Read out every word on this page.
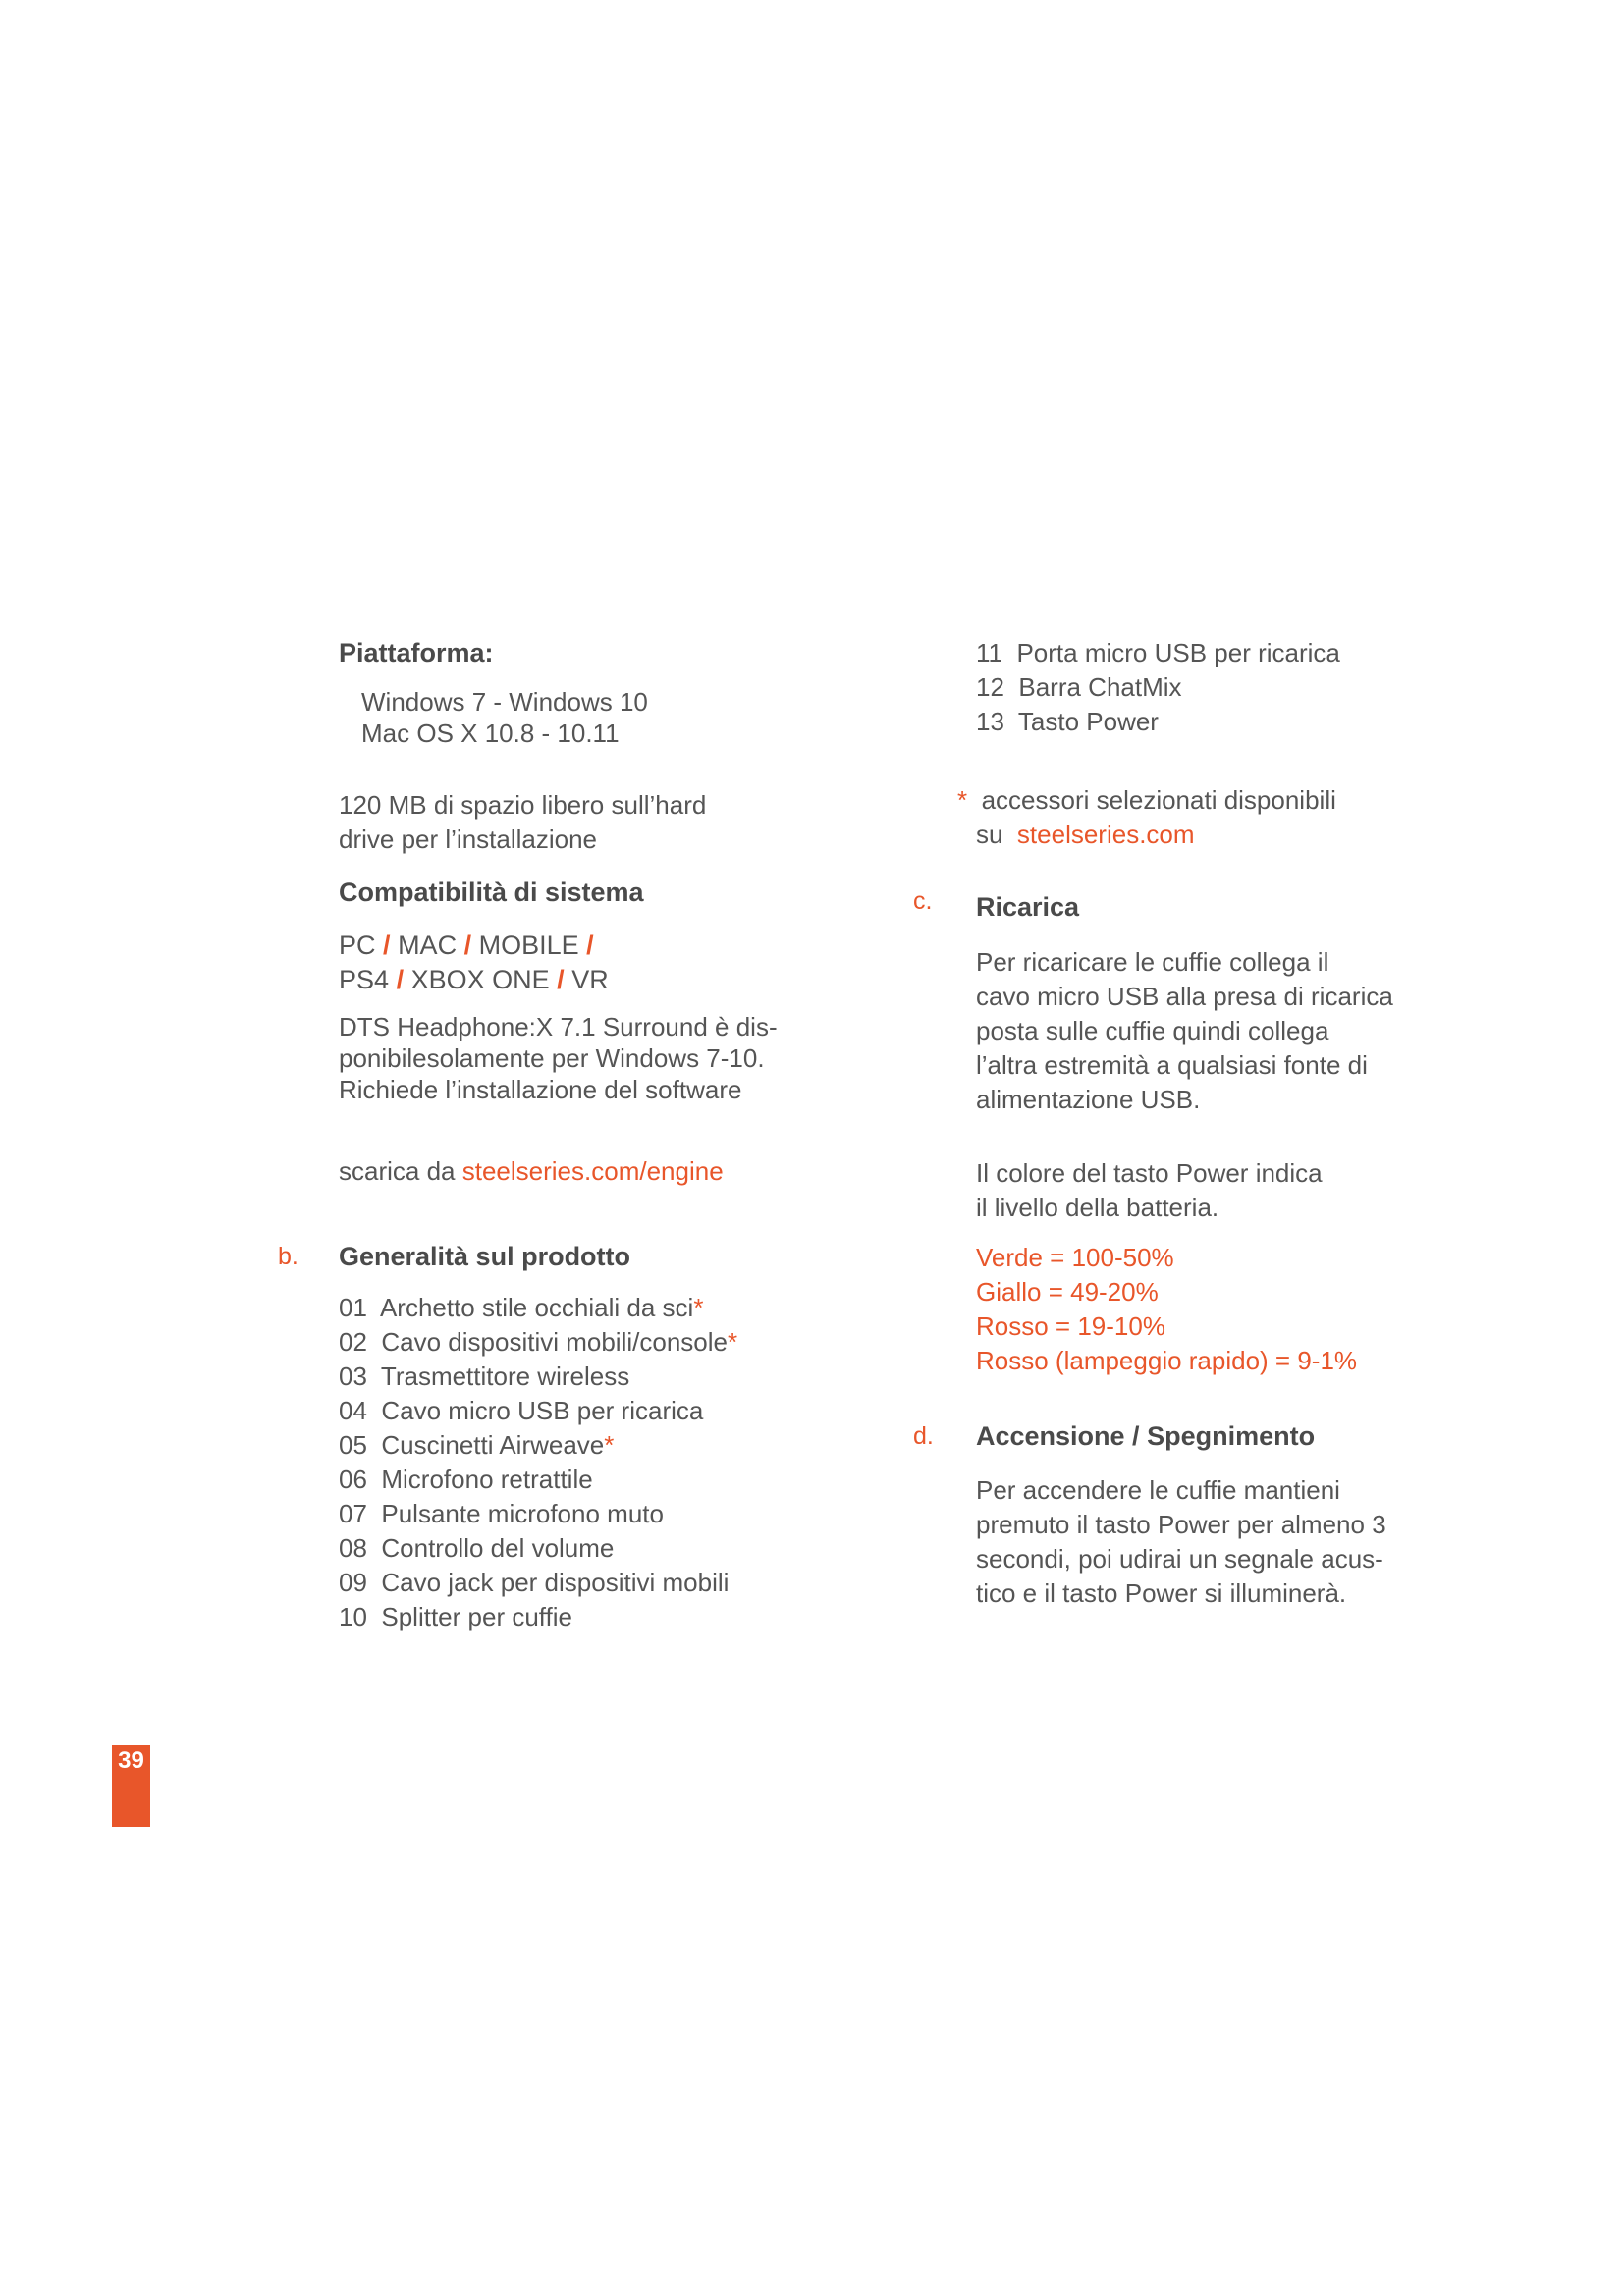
Piattaforma:

Windows 7 - Windows 10

Mac OS X 10.8 - 10.11

120 MB di spazio libero sull’hard

drive per l’installazione

Compatibilità di sistema

PC / MAC / MOBILE /

PS4 / XBOX ONE / VR

DTS Headphone:X 7.1 Surround è dis-

ponibilesolamente per Windows 7-10.

Richiede l’installazione del software

scarica da steelseries.com/engine

b. Generalità sul prodotto

01 Archetto stile occhiali da sci*

02 Cavo dispositivi mobili/console*

03 Trasmettitore wireless

04 Cavo micro USB per ricarica

05 Cuscinetti Airweave*

06 Microfono retrattile

07 Pulsante microfono muto

08 Controllo del volume

09 Cavo jack per dispositivi mobili

10 Splitter per cuffie

11 Porta micro USB per ricarica

12 Barra ChatMix

13 Tasto Power

* accessori selezionati disponibili

su steelseries.com

c. Ricarica

Per ricaricare le cuffie collega il

cavo micro USB alla presa di ricarica

posta sulle cuffie quindi collega

l’altra estremità a qualsiasi fonte di

alimentazione USB.

Il colore del tasto Power indica

il livello della batteria.

Verde = 100-50%

Giallo = 49-20%

Rosso = 19-10%

Rosso (lampeggio rapido) = 9-1%

d. Accensione / Spegnimento

Per accendere le cuffie mantieni

premuto il tasto Power per almeno 3

secondi, poi udirai un segnale acus-

tico e il tasto Power si illuminerà.

39
